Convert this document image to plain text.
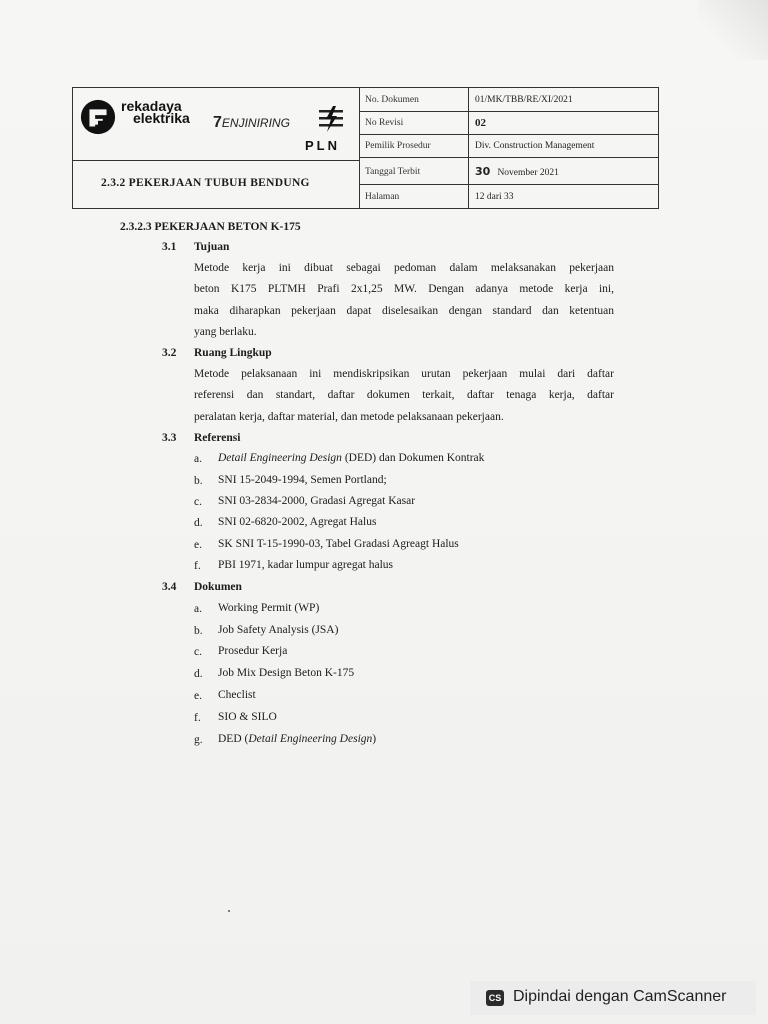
rekadaya
elektrika 7ENJINIRING
PLN
2.3.2 PEKERJAAN TUBUH BENDUNG
No. Dokumen	01/MK/TBB/RE/XI/2021
No Revisi	02
Pemilik Prosedur	Div. Construction Management
Tanggal Terbit	30 November 2021
Halaman	12 dari 33
2.3.2.3 PEKERJAAN BETON K-175
3.1 Tujuan
Metode kerja ini dibuat sebagai pedoman dalam melaksanakan pekerjaan
beton K175 PLTMH Prafi 2x1,25 MW. Dengan adanya metode kerja ini,
maka diharapkan pekerjaan dapat diselesaikan dengan standard dan ketentuan
yang berlaku.
3.2 Ruang Lingkup
Metode pelaksanaan ini mendiskripsikan urutan pekerjaan mulai dari daftar
referensi dan standart, daftar dokumen terkait, daftar tenaga kerja, daftar
peralatan kerja, daftar material, dan metode pelaksanaan pekerjaan.
3.3 Referensi
a. Detail Engineering Design (DED) dan Dokumen Kontrak
b. SNI 15-2049-1994, Semen Portland;
c. SNI 03-2834-2000, Gradasi Agregat Kasar
d. SNI 02-6820-2002, Agregat Halus
e. SK SNI T-15-1990-03, Tabel Gradasi Agreagt Halus
f. PBI 1971, kadar lumpur agregat halus
3.4 Dokumen
a. Working Permit (WP)
b. Job Safety Analysis (JSA)
c. Prosedur Kerja
d. Job Mix Design Beton K-175
e. Checlist
f. SIO & SILO
g. DED (Detail Engineering Design)
CS Dipindai dengan CamScanner
